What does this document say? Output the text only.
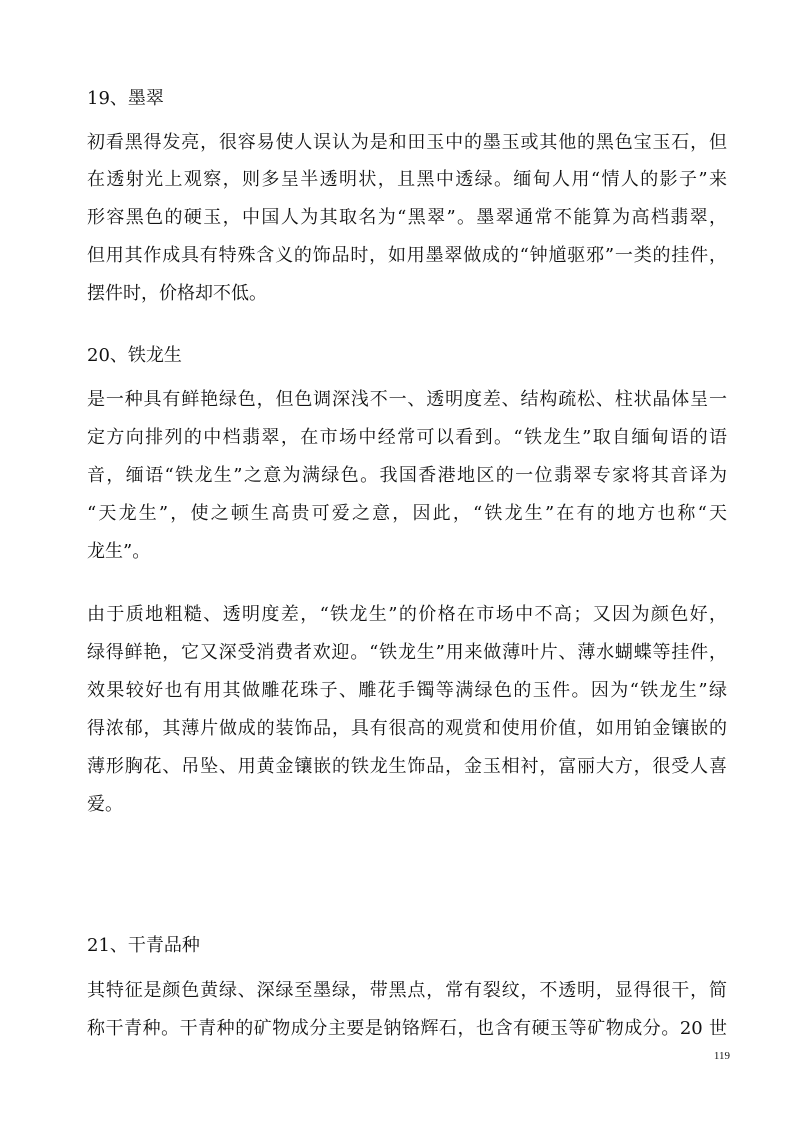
19、墨翠
初看黑得发亮，很容易使人误认为是和田玉中的墨玉或其他的黑色宝玉石，但
在透射光上观察，则多呈半透明状，且黑中透绿。缅甸人用“情人的影子”来
形容黑色的硬玉，中国人为其取名为“黑翠”。墨翠通常不能算为高档翡翠，
但用其作成具有特殊含义的饰品时，如用墨翠做成的“钟馗驱邪”一类的挂件，
摆件时，价格却不低。
20、铁龙生
是一种具有鲜艳绿色，但色调深浅不一、透明度差、结构疏松、柱状晶体呈一
定方向排列的中档翡翠，在市场中经常可以看到。“铁龙生”取自缅甸语的语
音，缅语“铁龙生”之意为满绿色。我国香港地区的一位翡翠专家将其音译为
“天龙生”，使之顿生高贵可爱之意，因此，“铁龙生”在有的地方也称“天
龙生”。
由于质地粗糙、透明度差，“铁龙生”的价格在市场中不高；又因为颜色好，
绿得鲜艳，它又深受消费者欢迎。“铁龙生”用来做薄叶片、薄水蝴蝶等挂件，
效果较好也有用其做雕花珠子、雕花手镯等满绿色的玉件。因为“铁龙生”绿
得浓郁，其薄片做成的装饰品，具有很高的观赏和使用价值，如用铂金镶嵌的
薄形胸花、吊坠、用黄金镶嵌的铁龙生饰品，金玉相衬，富丽大方，很受人喜
爱。
21、干青品种
其特征是颜色黄绿、深绿至墨绿，带黑点，常有裂纹，不透明，显得很干，简
称干青种。干青种的矿物成分主要是钠铬辉石，也含有硬玉等矿物成分。20 世
119
